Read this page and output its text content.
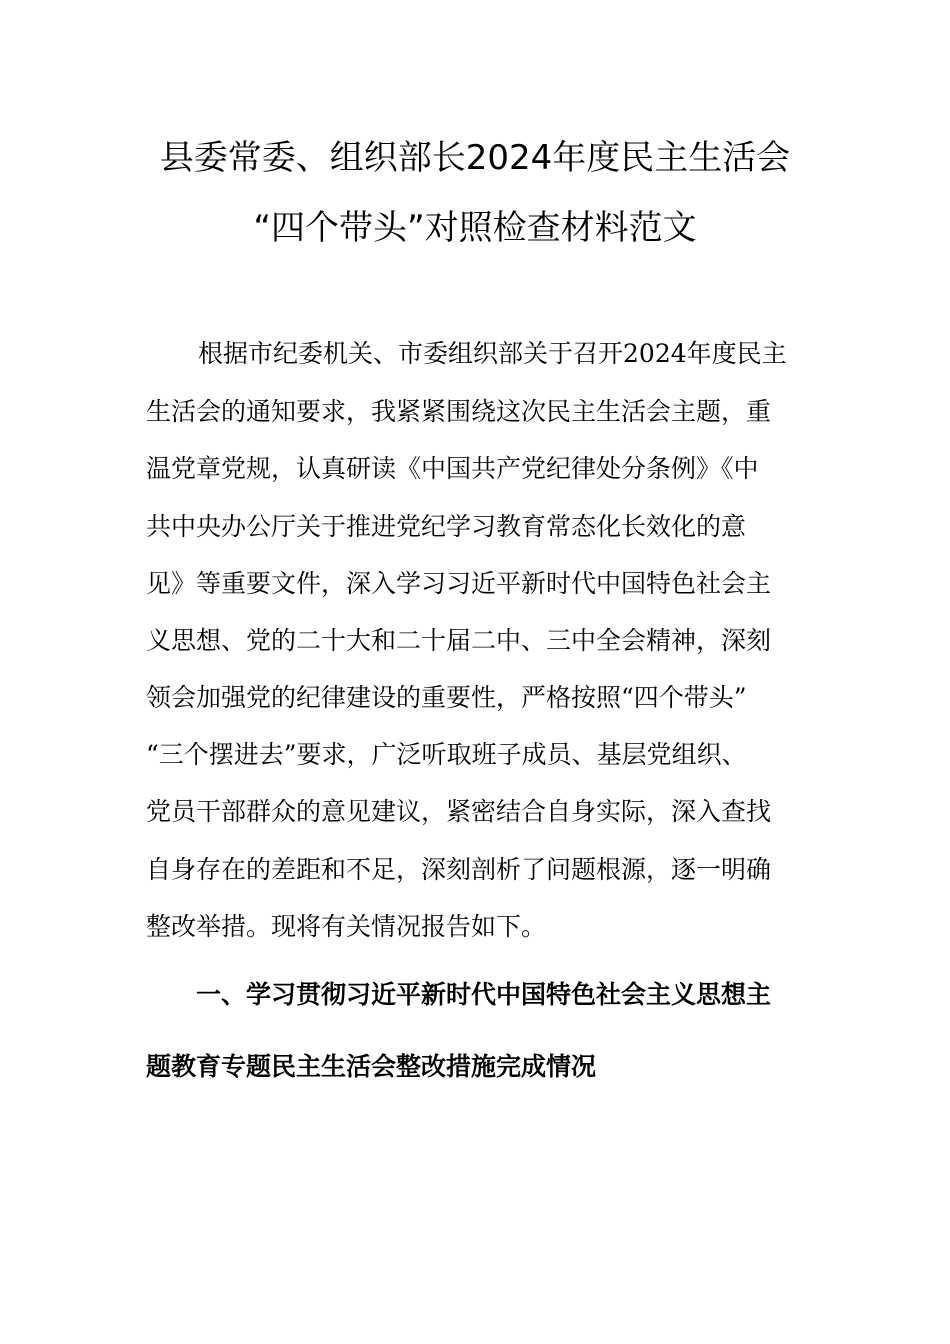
县委常委、组织部长2024年度民主生活会
“四个带头”对照检查材料范文
根据市纪委机关、市委组织部关于召开2024年度民主
生活会的通知要求，我紧紧围绕这次民主生活会主题，重
温党章党规，认真研读《中国共产党纪律处分条例》《中
共中央办公厅关于推进党纪学习教育常态化长效化的意
见》等重要文件，深入学习习近平新时代中国特色社会主
义思想、党的二十大和二十届二中、三中全会精神，深刻
领会加强党的纪律建设的重要性，严格按照“四个带头”
“三个摆进去”要求，广泛听取班子成员、基层党组织、
党员干部群众的意见建议，紧密结合自身实际，深入查找
自身存在的差距和不足，深刻剖析了问题根源，逐一明确
整改举措。现将有关情况报告如下。
一、学习贯彻习近平新时代中国特色社会主义思想主
题教育专题民主生活会整改措施完成情况
